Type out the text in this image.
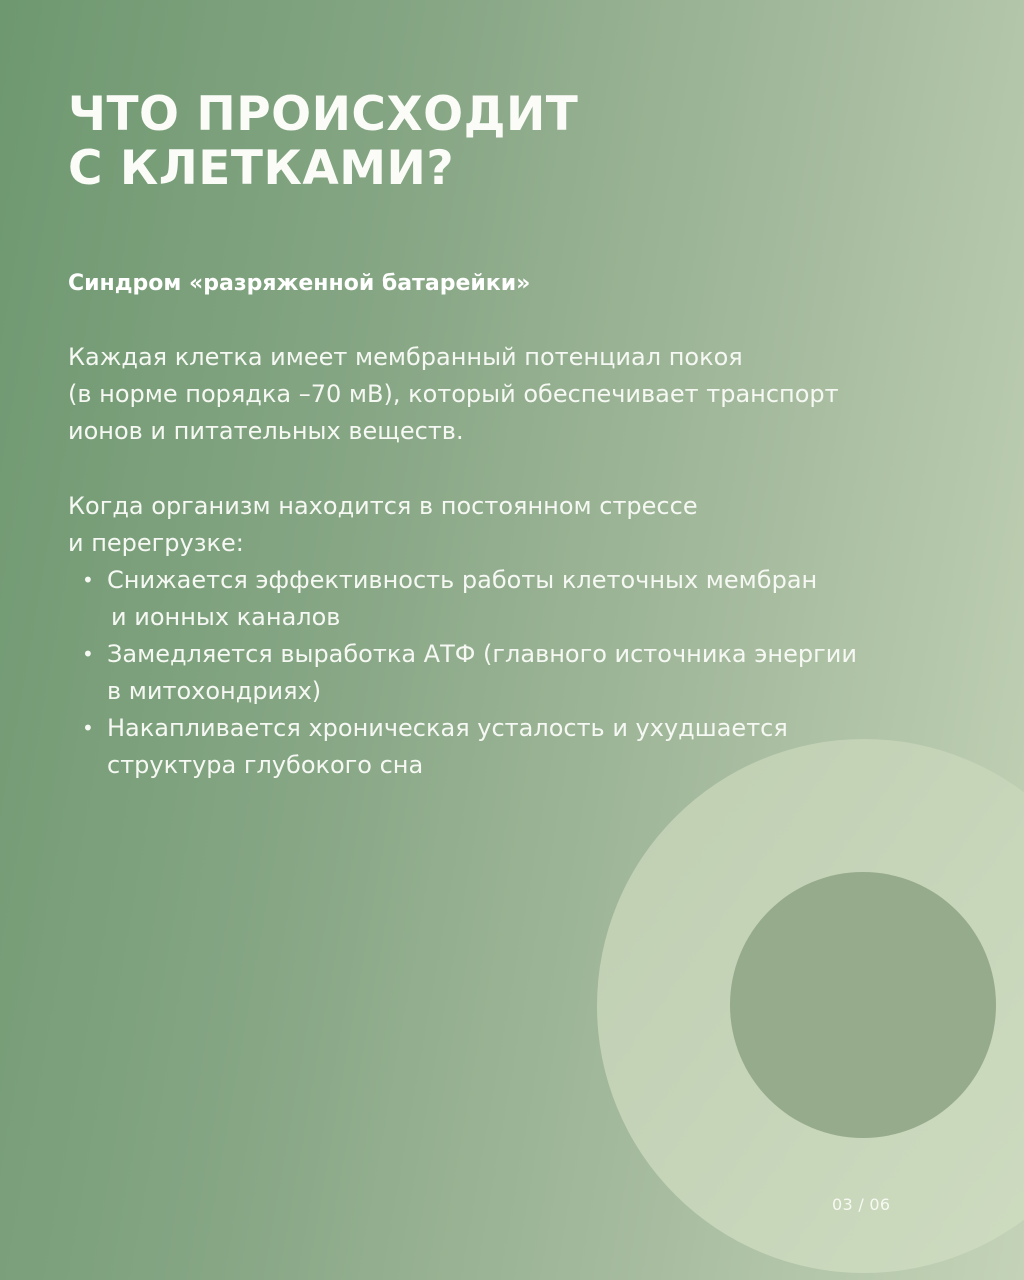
ЧТО ПРОИСХОДИТ
С КЛЕТКАМИ?
Синдром «разряженной батарейки»
Каждая клетка имеет мембранный потенциал покоя
(в норме порядка –70 мВ), который обеспечивает транспорт
ионов и питательных веществ.
Когда организм находится в постоянном стрессе
и перегрузке:
• Снижается эффективность работы клеточных мембран
и ионных каналов
• Замедляется выработка АТФ (главного источника энергии
в митохондриях)
• Накапливается хроническая усталость и ухудшается
структура глубокого сна
03 / 06
